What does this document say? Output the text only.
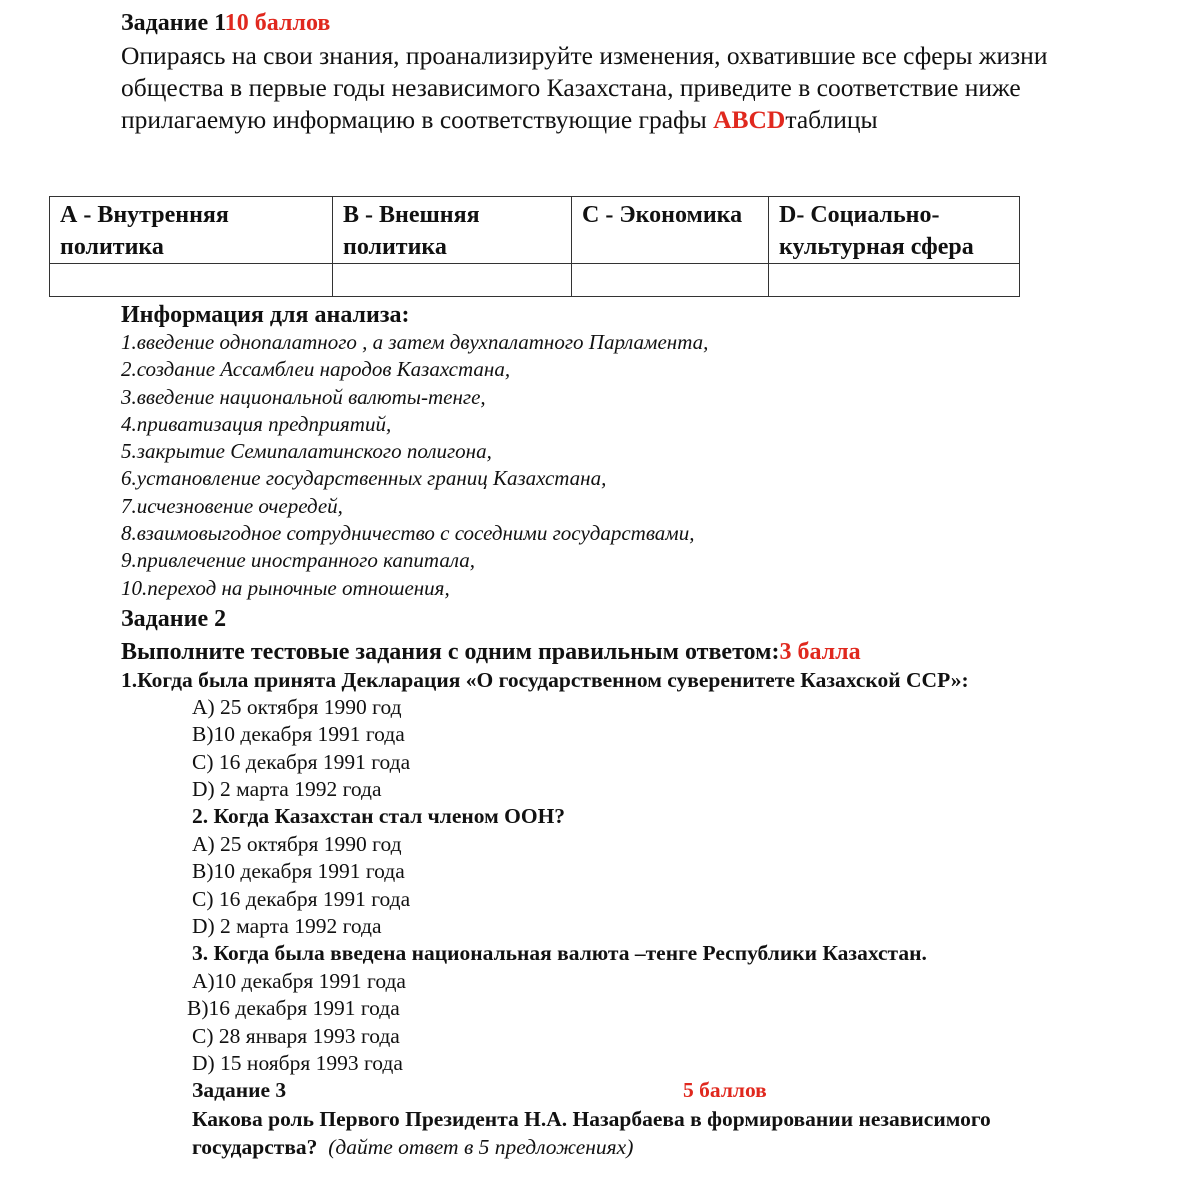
Задание 110 баллов
Опираясь на свои знания, проанализируйте изменения, охватившие все сферы жизни общества в первые годы независимого Казахстана, приведите в соответствие ниже прилагаемую информацию в соответствующие графы ABCDтаблицы
А - Внутренняя политика	В - Внешняя политика	С - Экономика	D- Социально-культурная сфера

Информация для анализа:
1.введение однопалатного , а затем двухпалатного Парламента,
2.создание Ассамблеи народов Казахстана,
3.введение национальной валюты-тенге,
4.приватизация предприятий,
5.закрытие Семипалатинского полигона,
6.установление государственных границ Казахстана,
7.исчезновение очередей,
8.взаимовыгодное сотрудничество с соседними государствами,
9.привлечение иностранного капитала,
10.переход на рыночные отношения,
Задание 2
Выполните тестовые задания с одним правильным ответом:3 балла
1.Когда была принята Декларация «О государственном суверенитете Казахской ССР»:
А) 25 октября 1990 год
В)10 декабря 1991 года
С) 16 декабря 1991 года
D) 2 марта 1992 года
2. Когда Казахстан стал членом ООН?
А) 25 октября 1990 год
В)10 декабря 1991 года
С) 16 декабря 1991 года
D) 2 марта 1992 года
3. Когда была введена национальная валюта –тенге Республики Казахстан.
А)10 декабря 1991 года
В)16 декабря 1991 года
С) 28 января 1993 года
D) 15 ноября 1993 года
Задание 3	5 баллов
Какова роль Первого Президента Н.А. Назарбаева в формировании независимого государства? (дайте ответ в 5 предложениях)
